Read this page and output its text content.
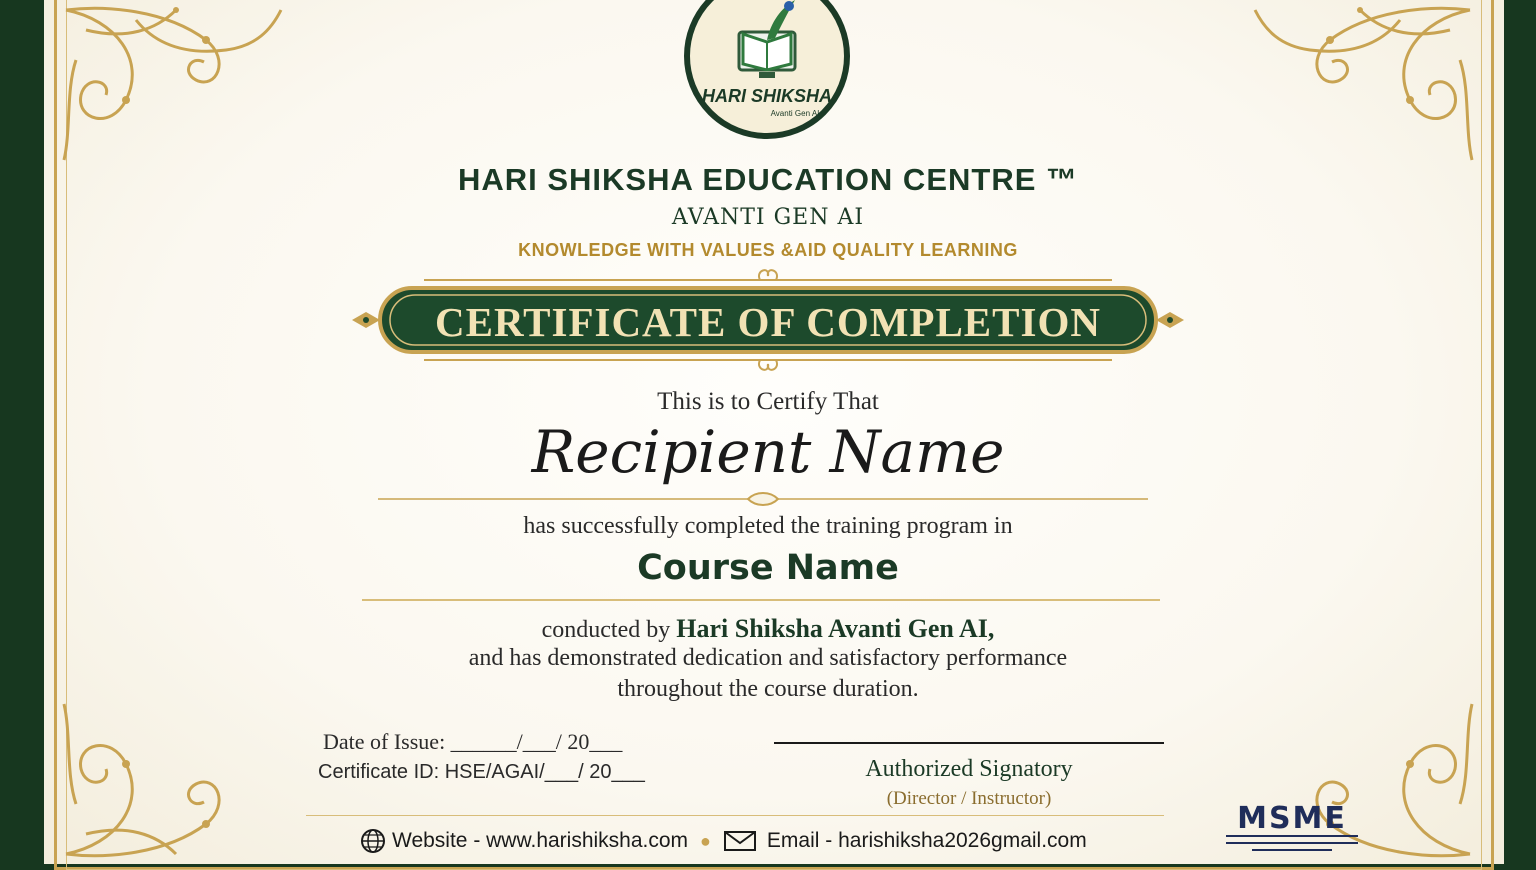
HARI SHIKSHA
Avanti Gen AI
HARI SHIKSHA EDUCATION CENTRE ™
AVANTI GEN AI
KNOWLEDGE WITH VALUES &AID QUALITY LEARNING
CERTIFICATE OF COMPLETION
This is to Certify That
Recipient Name
has successfully completed the training program in
Course Name
conducted by Hari Shiksha Avanti Gen AI,
and has demonstrated dedication and satisfactory performance
throughout the course duration.
Date of Issue: ______/___/ 20___
Certificate ID: HSE/AGAI/___/ 20___	Authorized Signatory
(Director / Instructor)
Website - www.harishiksha.com ●	Email - harishiksha2026gmail.com
MSME
